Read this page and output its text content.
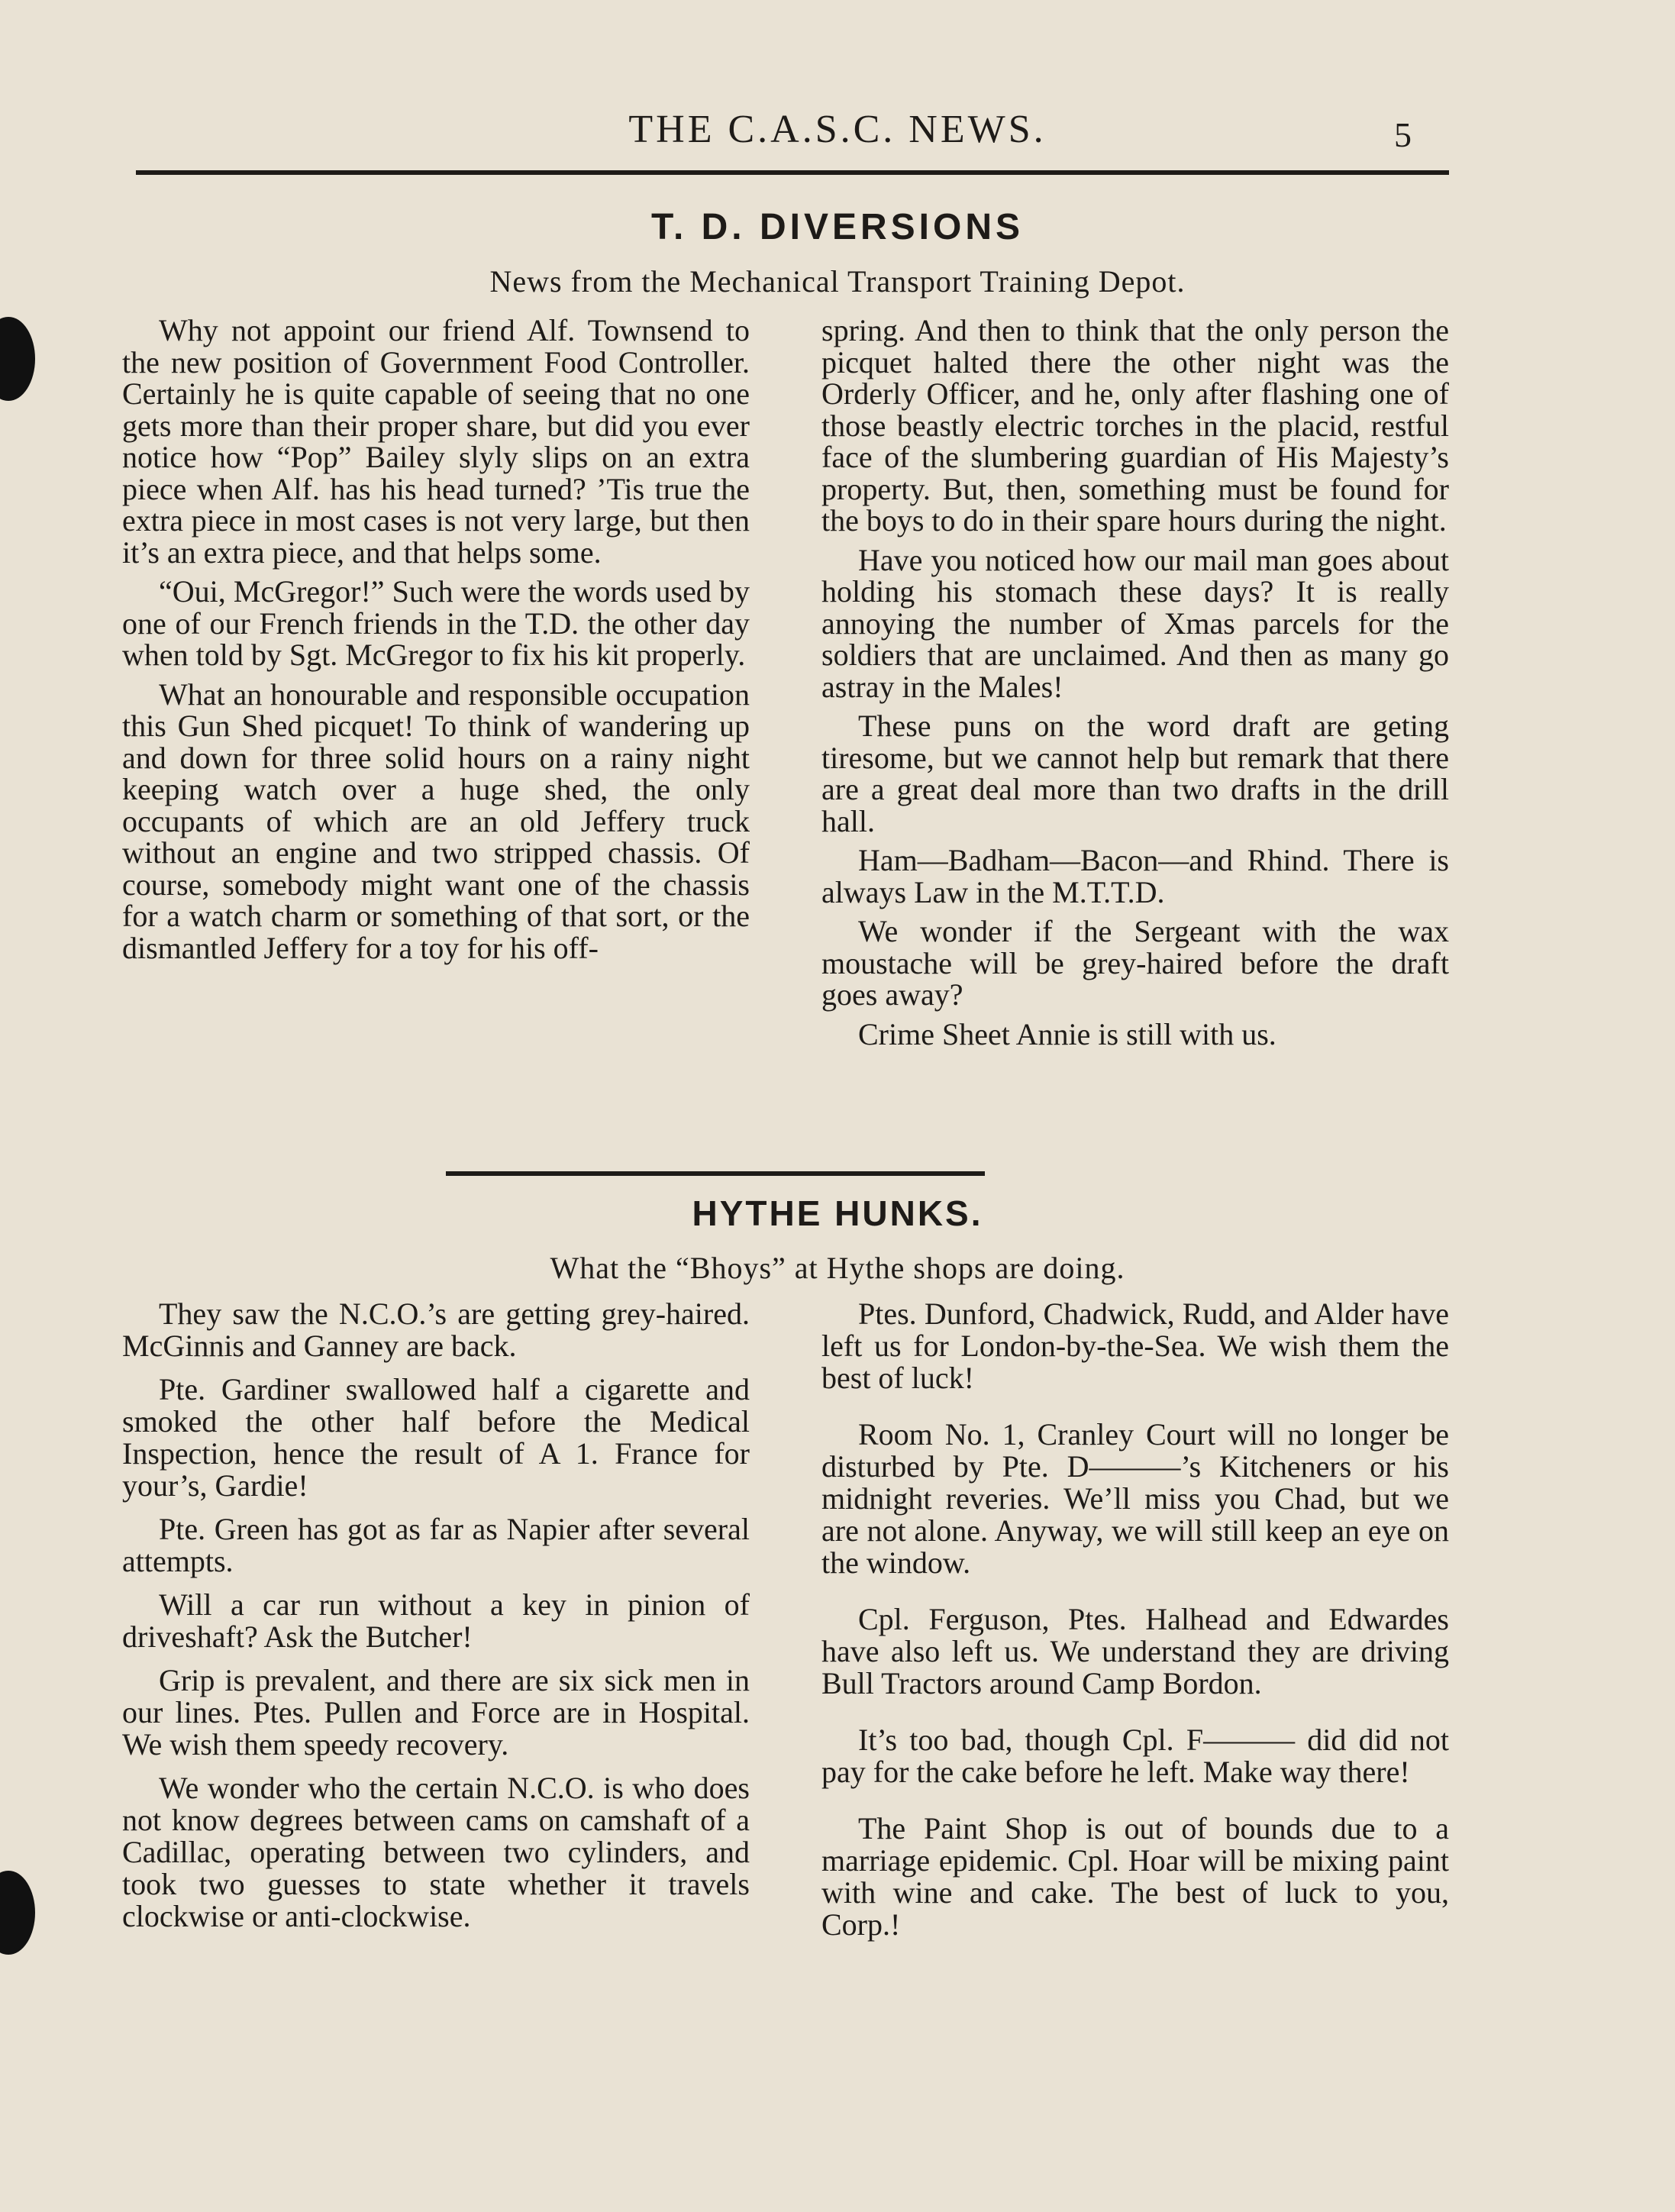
THE C.A.S.C. NEWS.	5
T. D. DIVERSIONS
News from the Mechanical Transport Training Depot.

Why not appoint our friend Alf. Townsend to the new position of Government Food Controller. Certainly he is quite capable of seeing that no one gets more than their proper share, but did you ever notice how “Pop” Bailey slyly slips on an extra piece when Alf. has his head turned? ’Tis true the extra piece in most cases is not very large, but then it’s an extra piece, and that helps some.

“Oui, McGregor!” Such were the words used by one of our French friends in the T.D. the other day when told by Sgt. McGregor to fix his kit properly.

What an honourable and responsible occupation this Gun Shed picquet! To think of wandering up and down for three solid hours on a rainy night keeping watch over a huge shed, the only occupants of which are an old Jeffery truck without an engine and two stripped chassis. Of course, somebody might want one of the chassis for a watch charm or something of that sort, or the dismantled Jeffery for a toy for his off-

spring. And then to think that the only person the picquet halted there the other night was the Orderly Officer, and he, only after flashing one of those beastly electric torches in the placid, restful face of the slumbering guardian of His Majesty’s property. But, then, something must be found for the boys to do in their spare hours during the night.

Have you noticed how our mail man goes about holding his stomach these days? It is really annoying the number of Xmas parcels for the soldiers that are unclaimed. And then as many go astray in the Males!

These puns on the word draft are geting tiresome, but we cannot help but remark that there are a great deal more than two drafts in the drill hall.

Ham—Badham—Bacon—and Rhind. There is always Law in the M.T.T.D.

We wonder if the Sergeant with the wax moustache will be grey-haired before the draft goes away?

Crime Sheet Annie is still with us.

HYTHE HUNKS.
What the “Bhoys” at Hythe shops are doing.

They saw the N.C.O.’s are getting grey-haired. McGinnis and Ganney are back.

Pte. Gardiner swallowed half a cigarette and smoked the other half before the Medical Inspection, hence the result of A 1. France for your’s, Gardie!

Pte. Green has got as far as Napier after several attempts.

Will a car run without a key in pinion of driveshaft? Ask the Butcher!

Grip is prevalent, and there are six sick men in our lines. Ptes. Pullen and Force are in Hospital. We wish them speedy recovery.

We wonder who the certain N.C.O. is who does not know degrees between cams on camshaft of a Cadillac, operating between two cylinders, and took two guesses to state whether it travels clockwise or anti-clockwise.

Ptes. Dunford, Chadwick, Rudd, and Alder have left us for London-by-the-Sea. We wish them the best of luck!

Room No. 1, Cranley Court will no longer be disturbed by Pte. D———’s Kitcheners or his midnight reveries. We’ll miss you Chad, but we are not alone. Anyway, we will still keep an eye on the window.

Cpl. Ferguson, Ptes. Halhead and Edwardes have also left us. We understand they are driving Bull Tractors around Camp Bordon.

It’s too bad, though Cpl. F——— did did not pay for the cake before he left. Make way there!

The Paint Shop is out of bounds due to a marriage epidemic. Cpl. Hoar will be mixing paint with wine and cake. The best of luck to you, Corp.!
